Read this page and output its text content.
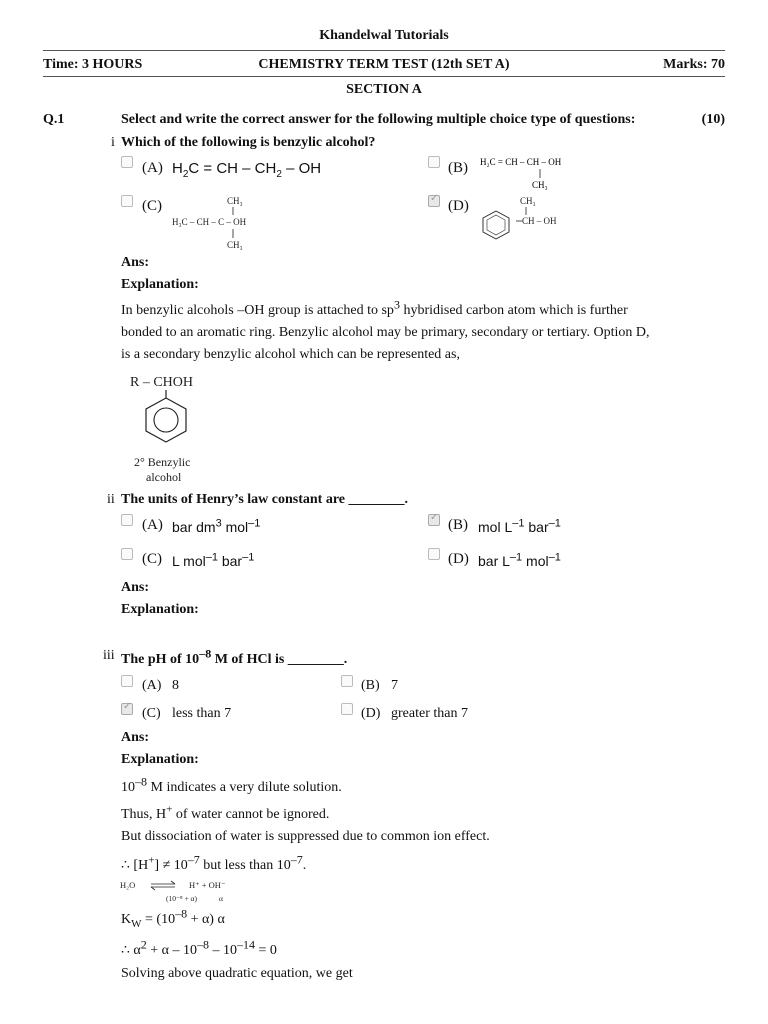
Khandelwal Tutorials
Time: 3 HOURS	CHEMISTRY TERM TEST (12th SET A)	Marks: 70
SECTION A
Q.1	Select and write the correct answer for the following multiple choice type of questions:	(10)
i Which of the following is benzylic alcohol?
(A) $H_2C$ = CH – $CH_2$ – OH	(B) H₂C = CH – CH – OH
CH₃
(C)	CH₃
H₃C – CH – C – OH
CH₃
✓
(D)	CH₃
CH – OH
Ans:
Explanation:
In benzylic alcohols –OH group is attached to $sp^3$ hybridised carbon atom which is further
bonded to an aromatic ring. Benzylic alcohol may be primary, secondary or tertiary. Option D,
is a secondary benzylic alcohol which can be represented as,
R – CHOH
2° Benzylic
alcohol
ii The units of Henry’s law constant are ________.
(A) bar $dm^3$ mol$^{-1}$
✓	(B) mol $L^{-1}$ bar$^{-1}$
(C) L mol$^{-1}$ bar$^{-1}$	(D) bar $L^{-1}$ mol$^{-1}$
Ans:
Explanation:
iii The pH of $10^{-8}$ M of HCl is ________.
(A) 8	(B) 7
✓
(C) less than 7	(D) greater than 7
Ans:
Explanation:
$10^{-8}$ M indicates a very dilute solution.
Thus, H+ of water cannot be ignored.
But dissociation of water is suppressed due to common ion effect.
∴ $[H^+] \ne 10^{-7}$ but less than $10^{-7}$.
H₂O	H⁺ + OH⁻
(10⁻⁸ + α)	α
$K_W = (10^{-8} + \alpha)$ α
∴ $\alpha^2 + \alpha - 10^{-8} - 10^{-14} = 0$
Solving above quadratic equation, we get
